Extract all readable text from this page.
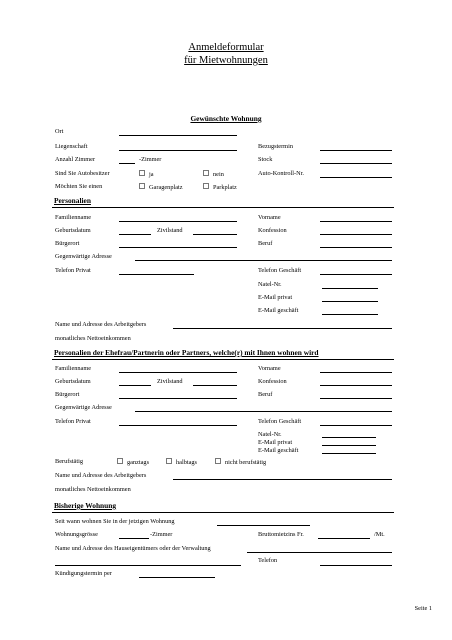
Anmeldeformular
für Mietwohnungen
Gewünschte Wohnung
Ort
Liegenschaft	Bezugstermin
Anzahl Zimmer	-Zimmer	Stock
Sind Sie Autobesitzer	ja	nein	Auto-Kontroll-Nr.
Möchten Sie einen	Garagenplatz	Parkplatz
Personalien
Familienname	Vorname
Geburtsdatum	Zivilstand	Konfession
Bürgerort	Beruf
Gegenwärtige Adresse
Telefon Privat	Telefon Geschäft
Natel-Nr.
E-Mail privat
E-Mail geschäft
Name und Adresse des Arbeitgebers
monatliches Nettoeinkommen
Personalien der Ehefrau/Partnerin oder Partners, welche(r) mit Ihnen wohnen wird
Familienname	Vorname
Geburtsdatum	Zivilstand	Konfession
Bürgerort	Beruf
Gegenwärtige Adresse
Telefon Privat	Telefon Geschäft
Natel-Nr.
E-Mail privat
E-Mail geschäft
Berufstätig	ganztags	halbtags	nicht berufstätig
Name und Adresse des Arbeitgebers
monatliches Nettoeinkommen
Bisherige Wohnung
Seit wann wohnen Sie in der jetzigen Wohnung
Wohnungsgrösse	-Zimmer	Bruttomietzins Fr.	/Mt.
Name und Adresse des Hauseigentümers oder der Verwaltung
Telefon
Kündigungstermin per
Seite 1
